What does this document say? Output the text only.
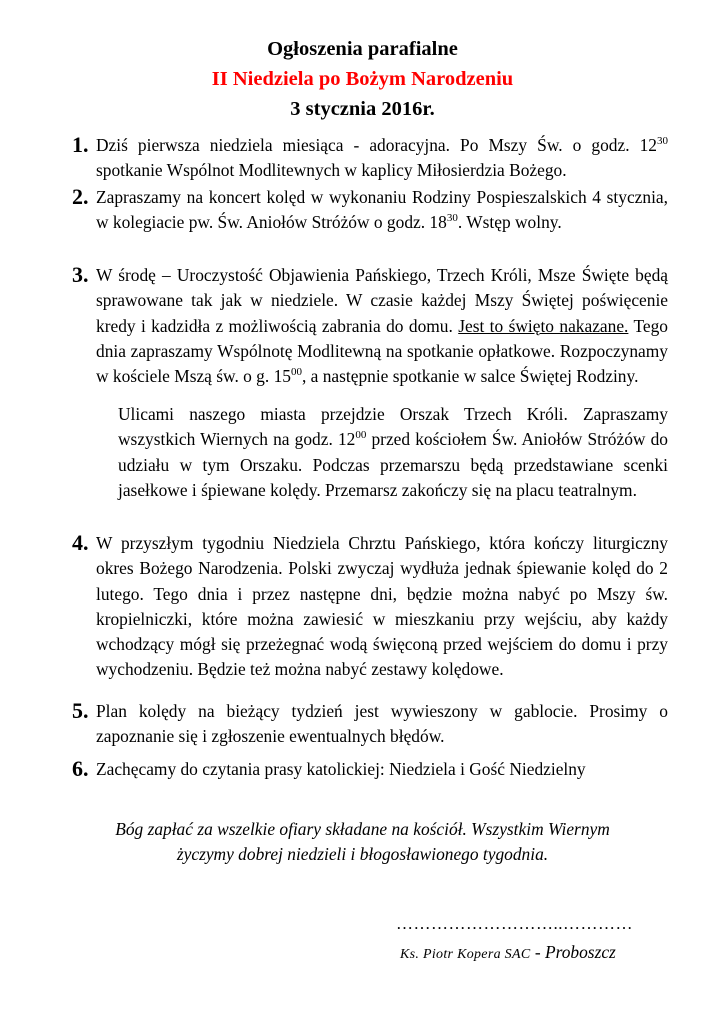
Ogłoszenia parafialne
II Niedziela po Bożym Narodzeniu
3 stycznia 2016r.
1. Dziś pierwsza niedziela miesiąca - adoracyjna. Po Mszy Św. o godz. $12^{30}$ spotkanie Wspólnot Modlitewnych w kaplicy Miłosierdzia Bożego.

2. Zapraszamy na koncert kolęd w wykonaniu Rodziny Pospieszalskich 4 stycznia, w kolegiacie pw. Św. Aniołów Stróżów o godz. $18^{30}$. Wstęp wolny.

3. W środę – Uroczystość Objawienia Pańskiego, Trzech Króli, Msze Święte będą sprawowane tak jak w niedziele. W czasie każdej Mszy Świętej poświęcenie kredy i kadzidła z możliwością zabrania do domu. Jest to święto nakazane. Tego dnia zapraszamy Wspólnotę Modlitewną na spotkanie opłatkowe. Rozpoczynamy w kościele Mszą św. o g. $15^{00}$, a następnie spotkanie w salce Świętej Rodziny.

Ulicami naszego miasta przejdzie Orszak Trzech Króli. Zapraszamy wszystkich Wiernych na godz. $12^{00}$ przed kościołem Św. Aniołów Stróżów do udziału w tym Orszaku. Podczas przemarszu będą przedstawiane scenki jasełkowe i śpiewane kolędy. Przemarsz zakończy się na placu teatralnym.
4. W przyszłym tygodniu Niedziela Chrztu Pańskiego, która kończy liturgiczny okres Bożego Narodzenia. Polski zwyczaj wydłuża jednak śpiewanie kolęd do 2 lutego. Tego dnia i przez następne dni, będzie można nabyć po Mszy św. kropielniczki, które można zawiesić w mieszkaniu przy wejściu, aby każdy wchodzący mógł się przeżegnać wodą święconą przed wejściem do domu i przy wychodzeniu. Będzie też można nabyć zestawy kolędowe.

5. Plan kolędy na bieżący tydzień jest wywieszony w gablocie. Prosimy o zapoznanie się i zgłoszenie ewentualnych błędów.

6. Zachęcamy do czytania prasy katolickiej: Niedziela i Gość Niedzielny

Bóg zapłać za wszelkie ofiary składane na kościół. Wszystkim Wiernym
życzymy dobrej niedzieli i błogosławionego tygodnia.
………………………..…………
Ks. Piotr Kopera SAC - Proboszcz
